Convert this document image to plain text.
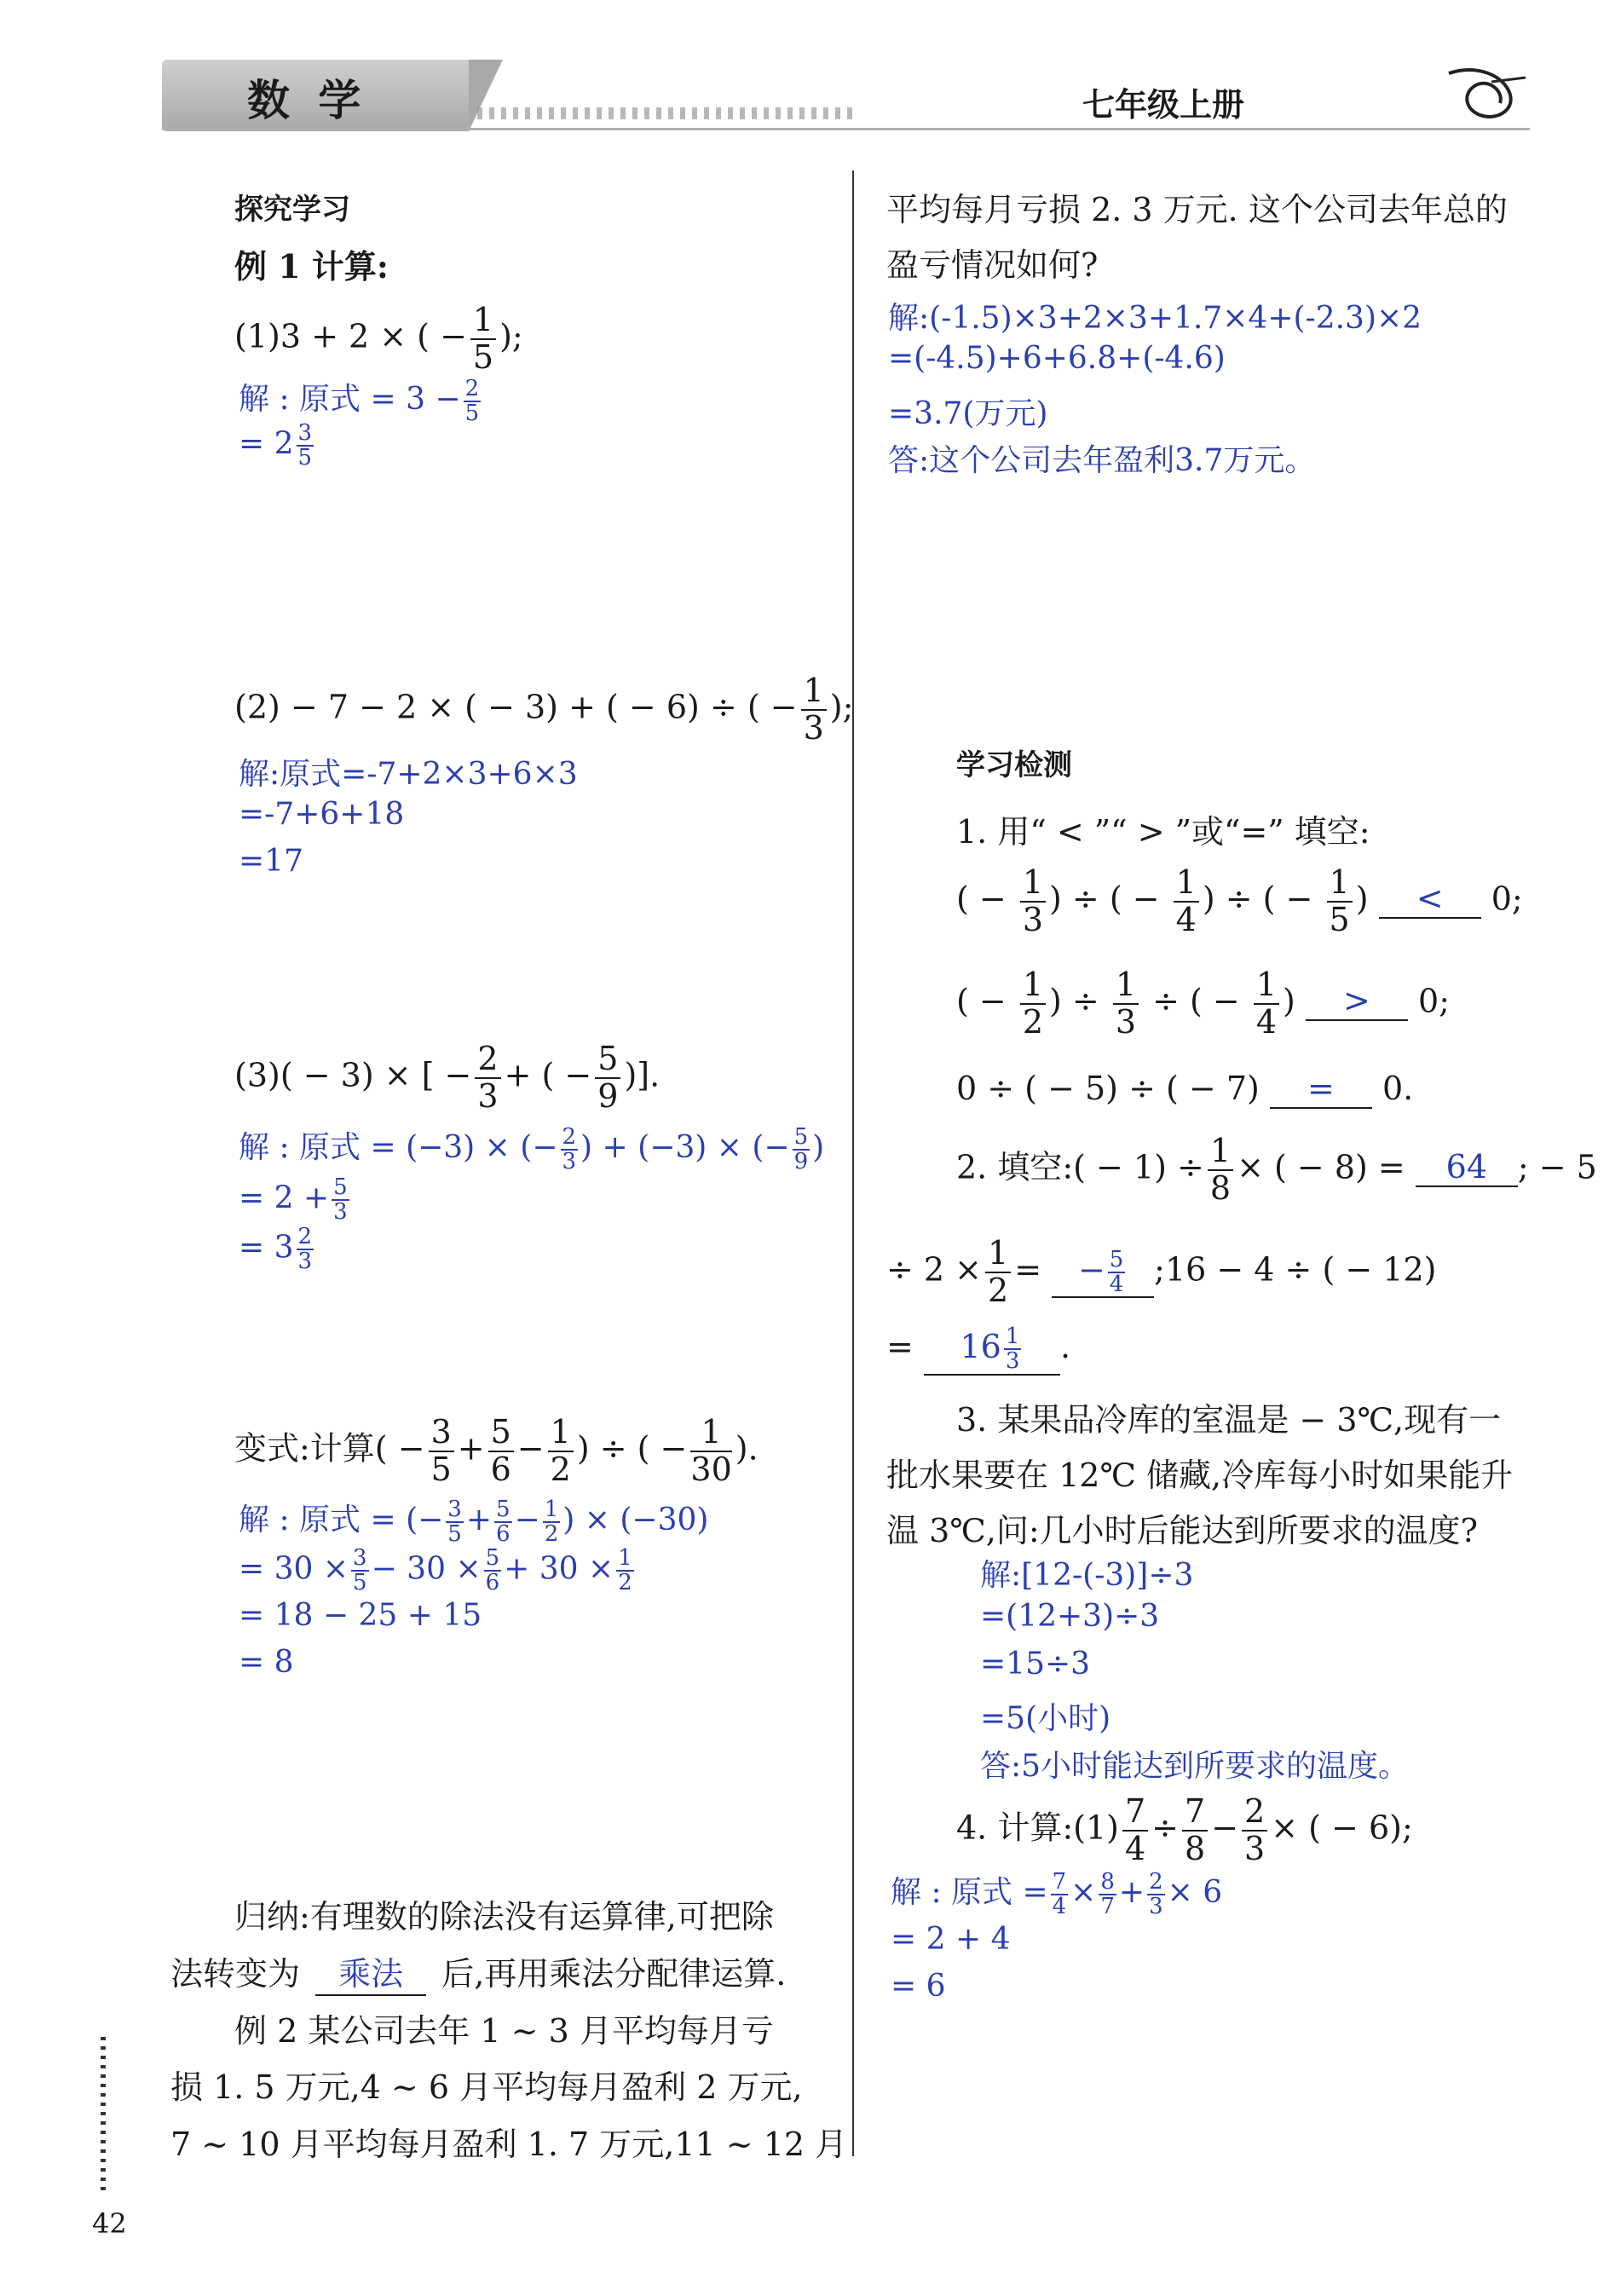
数 学	七年级上册
探究学习
例 1 计算:
(1)3 + 2 × ( − $\frac{1}{5}$ );
解 : 原式 = $3 - \frac{2}{5}$
= $2 \frac{3}{5}$
(2) − 7 − 2 × ( − 3) + ( − 6) ÷ ( − $\frac{1}{3}$ );
解:原式=-7+2×3+6×3
=-7+6+18
=17
(3)( − 3) × [ − $\frac{2}{3}$ + ( − $\frac{5}{9}$ )].
解 : 原式 = (−3) × (− $\frac{2}{3}$ ) + (−3) × (− $\frac{5}{9}$ )
= $2 + \frac{5}{3}$
= $3 \frac{2}{3}$
变式:计算( − $\frac{3}{5} + \frac{5}{6} - \frac{1}{2}$ ) ÷ ( − $\frac{1}{30}$ ).
解 : 原式 = (− $\frac{3}{5} + \frac{5}{6} - \frac{1}{2}$ ) × (−30)
= $30 \times \frac{3}{5} - 30 \times \frac{5}{6} + 30 \times \frac{1}{2}$
= 18 − 25 + 15
= 8
归纳:有理数的除法没有运算律,可把除
法转变为 乘法 后,再用乘法分配律运算.
例 2 某公司去年 1 ~ 3 月平均每月亏
损 1. 5 万元,4 ~ 6 月平均每月盈利 2 万元,
7 ~ 10 月平均每月盈利 1. 7 万元,11 ~ 12 月
42
平均每月亏损 2. 3 万元. 这个公司去年总的
盈亏情况如何?
解:(-1.5)×3+2×3+1.7×4+(-2.3)×2
=(-4.5)+6+6.8+(-4.6)
=3.7(万元)
答:这个公司去年盈利3.7万元。
学习检测
1. 用“ < ”“ > ”或“=” 填空:
( − $\frac{1}{3}$ ) ÷ ( − $\frac{1}{4}$ ) ÷ ( − $\frac{1}{5}$ ) < 0;
( − $\frac{1}{2}$ ) ÷ $\frac{1}{3}$ ÷ ( − $\frac{1}{4}$ ) > 0;
0 ÷ ( − 5) ÷ ( − 7) = 0.
2. 填空:( − $1) \div \frac{1}{8}$ × ( − 8) = 64 ; − 5
÷ $2 \times \frac{1}{2}$ = − $\frac{5}{4}$ ;16 − 4 ÷ ( − 12)
= $16 \frac{1}{3}$ .
3. 某果品冷库的室温是 − 3℃,现有一
批水果要在 12℃ 储藏,冷库每小时如果能升
温 3℃,问:几小时后能达到所要求的温度?
解:[12-(-3)]÷3
=(12+3)÷3
=15÷3
=5(小时)
答:5小时能达到所要求的温度。
4. 计算:(1) $\frac{7}{4} \div \frac{7}{8} - \frac{2}{3}$ × ( − 6);
解 : 原式 = $\frac{7}{4} \times \frac{8}{7} + \frac{2}{3} \times 6$
= 2 + 4
= 6
